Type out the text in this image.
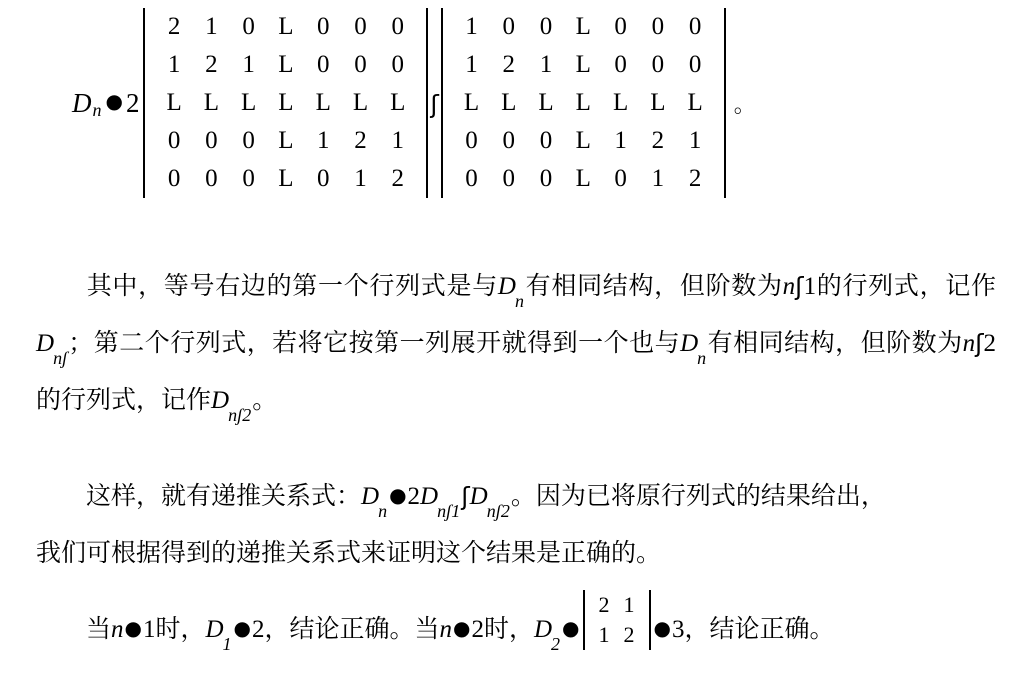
D n ● 2
2	1	0	L	0	0	0
1	2	1	L	0	0	0
L	L	L	L	L	L	L
0	0	0	L	1	2	1
0	0	0	L	0	1	2
ʃ
1	0	0	L	0	0	0
1	2	1	L	0	0	0
L	L	L	L	L	L	L
0	0	0	L	1	2	1
0	0	0	L	0	1	2
。
其中，等号右边的第一个行列式是与$D_n$有相同结构，但阶数为nʃ1的行列式，记作$D_{nʃ}$；第二个行列式，若将它按第一列展开就得到一个也与$D_n$有相同结构，但阶数为nʃ2的行列式，记作$D_{nʃ2}$。
这样，就有递推关系式：$D_n●2D_{nʃ1}ʃD_{nʃ2}$。因为已将原行列式的结果给出，
我们可根据得到的递推关系式来证明这个结果是正确的。
当n●1时，$D_1●2$，结论正确。当n●2时，$D_2●$
2	1
1	2 ●3，结论正确。
